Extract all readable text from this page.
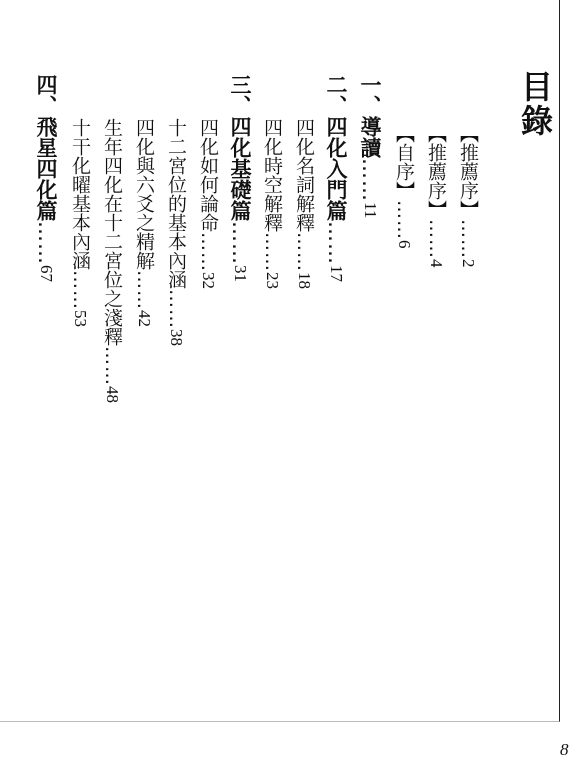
目錄
【推薦序】……2
【推薦序】……4
【自序】……6
一、導讀……11
二、四化入門篇……17
四化名詞解釋……18
四化時空解釋……23
三、四化基礎篇……31
四化如何論命……32
十二宮位的基本內涵……38
四化與六爻之精解……42
生年四化在十二宮位之淺釋……48
十干化曜基本內涵……53
四、飛星四化篇……67
8
